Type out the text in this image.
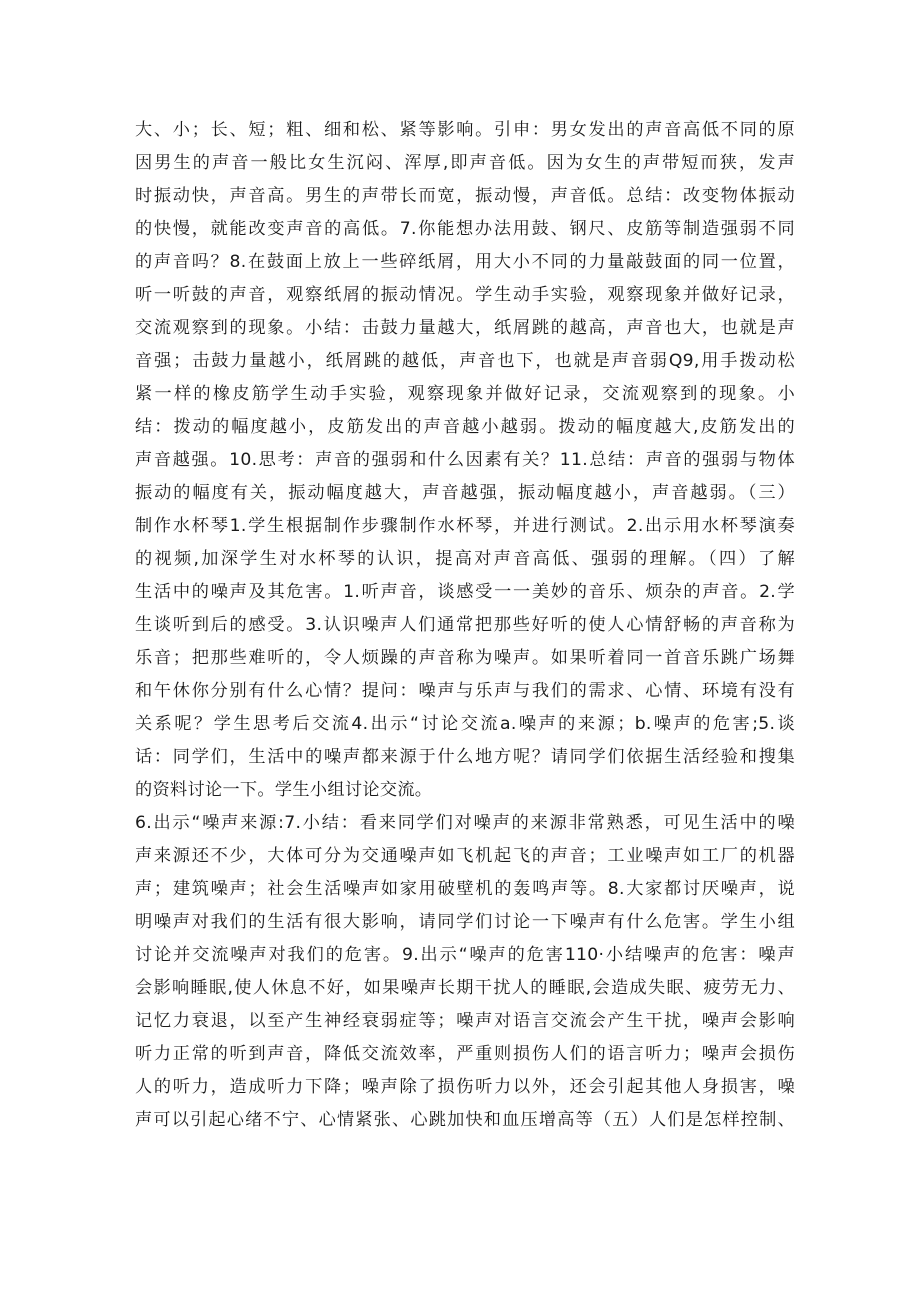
大、小；长、短；粗、细和松、紧等影响。引申：男女发出的声音高低不同的原
因男生的声音一般比女生沉闷、浑厚,即声音低。因为女生的声带短而狭，发声
时振动快，声音高。男生的声带长而宽，振动慢，声音低。总结：改变物体振动
的快慢，就能改变声音的高低。7.你能想办法用鼓、钢尺、皮筋等制造强弱不同
的声音吗？8.在鼓面上放上一些碎纸屑，用大小不同的力量敲鼓面的同一位置，
听一听鼓的声音，观察纸屑的振动情况。学生动手实验，观察现象并做好记录，
交流观察到的现象。小结：击鼓力量越大，纸屑跳的越高，声音也大，也就是声
音强；击鼓力量越小，纸屑跳的越低，声音也下，也就是声音弱Q9,用手拨动松
紧一样的橡皮筋学生动手实验，观察现象并做好记录，交流观察到的现象。小
结：拨动的幅度越小，皮筋发出的声音越小越弱。拨动的幅度越大,皮筋发出的
声音越强。10.思考：声音的强弱和什么因素有关？11.总结：声音的强弱与物体
振动的幅度有关，振动幅度越大，声音越强，振动幅度越小，声音越弱。（三）
制作水杯琴1.学生根据制作步骤制作水杯琴，并进行测试。2.出示用水杯琴演奏
的视频,加深学生对水杯琴的认识，提高对声音高低、强弱的理解。（四）了解
生活中的噪声及其危害。1.听声音，谈感受一一美妙的音乐、烦杂的声音。2.学
生谈听到后的感受。3.认识噪声人们通常把那些好听的使人心情舒畅的声音称为
乐音；把那些难听的，令人烦躁的声音称为噪声。如果听着同一首音乐跳广场舞
和午休你分别有什么心情？提问：噪声与乐声与我们的需求、心情、环境有没有
关系呢？学生思考后交流4.出示“讨论交流a.噪声的来源；b.噪声的危害;5.谈
话：同学们，生活中的噪声都来源于什么地方呢？请同学们依据生活经验和搜集
的资料讨论一下。学生小组讨论交流。
6.出示“噪声来源:7.小结：看来同学们对噪声的来源非常熟悉，可见生活中的噪
声来源还不少，大体可分为交通噪声如飞机起飞的声音；工业噪声如工厂的机器
声；建筑噪声；社会生活噪声如家用破壁机的轰鸣声等。8.大家都讨厌噪声，说
明噪声对我们的生活有很大影响，请同学们讨论一下噪声有什么危害。学生小组
讨论并交流噪声对我们的危害。9.出示“噪声的危害110·小结噪声的危害：噪声
会影响睡眠,使人休息不好，如果噪声长期干扰人的睡眠,会造成失眠、疲劳无力、
记忆力衰退，以至产生神经衰弱症等；噪声对语言交流会产生干扰，噪声会影响
听力正常的听到声音，降低交流效率，严重则损伤人们的语言听力；噪声会损伤
人的听力，造成听力下降；噪声除了损伤听力以外，还会引起其他人身损害，噪
声可以引起心绪不宁、心情紧张、心跳加快和血压增高等（五）人们是怎样控制、
